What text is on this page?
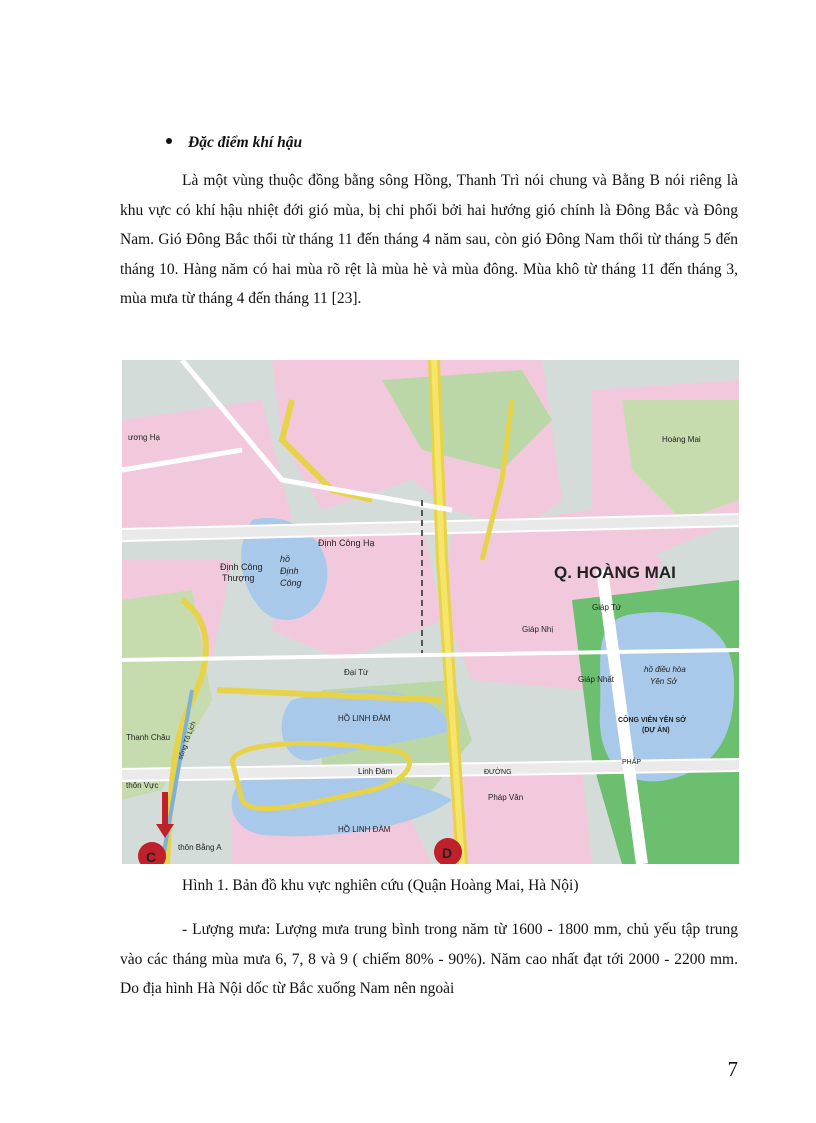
Đặc điểm khí hậu

Là một vùng thuộc đồng bằng sông Hồng, Thanh Trì nói chung và Bằng B nói riêng là khu vực có khí hậu nhiệt đới gió mùa, bị chi phối bởi hai hướng gió chính là Đông Bắc và Đông Nam. Gió Đông Bắc thổi từ tháng 11 đến tháng 4 năm sau, còn gió Đông Nam thổi từ tháng 5 đến tháng 10. Hàng năm có hai mùa rõ rệt là mùa hè và mùa đông. Mùa khô từ tháng 11 đến tháng 3, mùa mưa từ tháng 4 đến tháng 11 [23].

Q. HOÀNG MAI
Định Công Hạ
Định Công
Thượng
hồ
Định
Công
Hoàng Mai
Giáp Tứ
Giáp Nhị
Giáp Nhất
Đại Từ
HỒ LINH ĐÀM
HỒ LINH ĐÀM
Linh Đàm
Thanh Châu
thôn Vực
thôn Bằng A
Pháp Vân
ương Hạ
CÔNG VIÊN YÊN SỞ
(DỰ ÁN)
hồ điều hòa
Yên Sở
ĐƯỜNG
PHÁP
sông Tô Lịch
C	D
Hình 1. Bản đồ khu vực nghiên cứu (Quận Hoàng Mai, Hà Nội)

- Lượng mưa: Lượng mưa trung bình trong năm từ 1600 - 1800 mm, chủ yếu tập trung vào các tháng mùa mưa 6, 7, 8 và 9 ( chiếm 80% - 90%). Năm cao nhất đạt tới 2000 - 2200 mm. Do địa hình Hà Nội dốc từ Bắc xuống Nam nên ngoài

7
